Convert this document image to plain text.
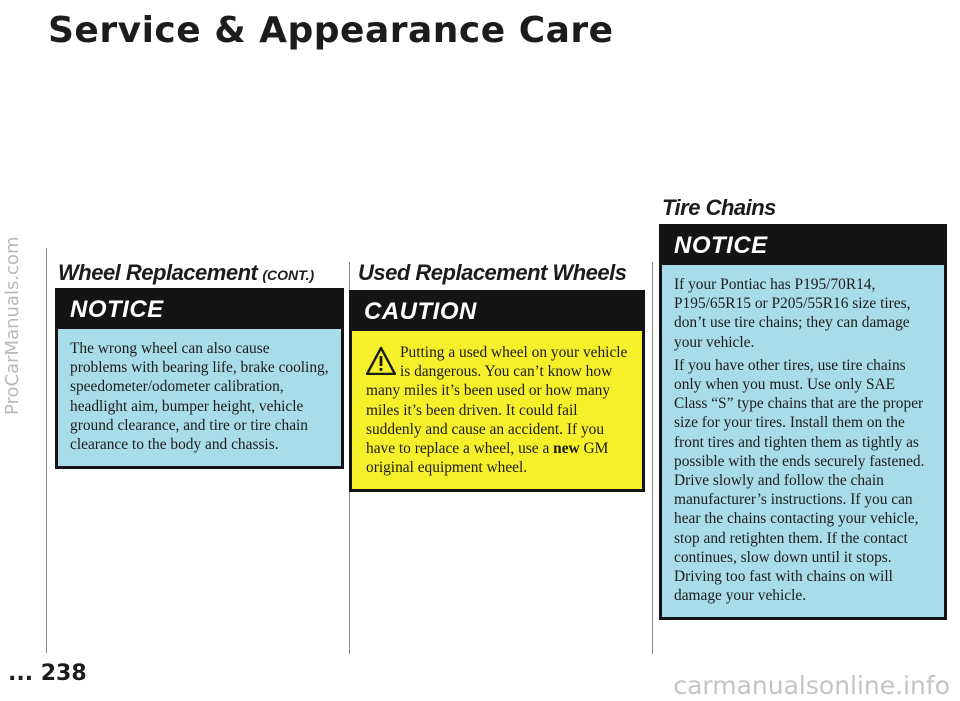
Service & Appearance Care
Wheel Replacement (CONT.)
NOTICE

The wrong wheel can also cause problems with bearing life, brake cooling, speedometer/odometer calibration, headlight aim, bumper height, vehicle ground clearance, and tire or tire chain clearance to the body and chassis.

Used Replacement Wheels
CAUTION

Putting a used wheel on your vehicle is dangerous. You can’t know how many miles it’s been used or how many miles it’s been driven. It could fail suddenly and cause an accident. If you have to replace a wheel, use a new GM original equipment wheel.

Tire Chains
NOTICE

If your Pontiac has P195/70R14, P195/65R15 or P205/55R16 size tires, don’t use tire chains; they can damage your vehicle.

If you have other tires, use tire chains only when you must. Use only SAE Class “S” type chains that are the proper size for your tires. Install them on the front tires and tighten them as tightly as possible with the ends securely fastened. Drive slowly and follow the chain manufacturer’s instructions. If you can hear the chains contacting your vehicle, stop and retighten them. If the contact continues, slow down until it stops. Driving too fast with chains on will damage your vehicle.

... 238
ProCarManuals.com
carmanualsonline.info
